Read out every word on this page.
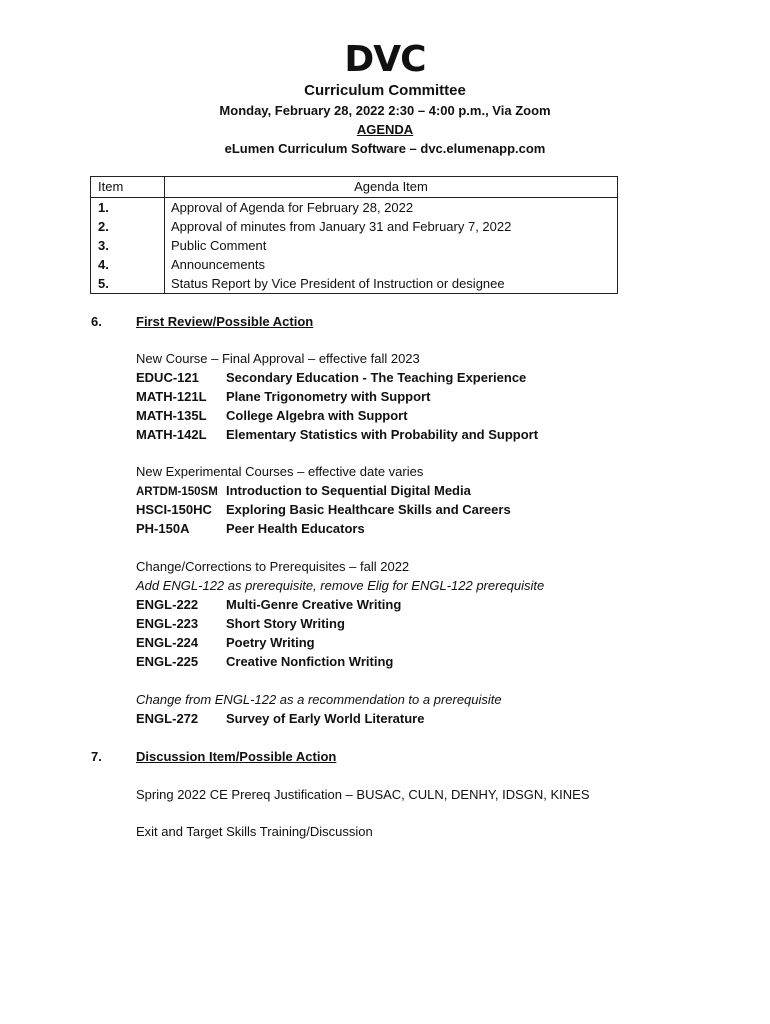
DVC
Curriculum Committee
Monday, February 28, 2022 2:30 – 4:00 p.m., Via Zoom
AGENDA
eLumen Curriculum Software – dvc.elumenapp.com
Item	Agenda Item
1.	Approval of Agenda for February 28, 2022
2.	Approval of minutes from January 31 and February 7, 2022
3.	Public Comment
4.	Announcements
5.	Status Report by Vice President of Instruction or designee
6.	First Review/Possible Action
New Course – Final Approval – effective fall 2023
EDUC-121 Secondary Education - The Teaching Experience
MATH-121L Plane Trigonometry with Support
MATH-135L College Algebra with Support
MATH-142L Elementary Statistics with Probability and Support
New Experimental Courses – effective date varies
ARTDM-150SM Introduction to Sequential Digital Media
HSCI-150HC Exploring Basic Healthcare Skills and Careers
PH-150A	Peer Health Educators
Change/Corrections to Prerequisites – fall 2022
Add ENGL-122 as prerequisite, remove Elig for ENGL-122 prerequisite
ENGL-222 Multi-Genre Creative Writing
ENGL-223 Short Story Writing
ENGL-224 Poetry Writing
ENGL-225 Creative Nonfiction Writing
Change from ENGL-122 as a recommendation to a prerequisite
ENGL-272 Survey of Early World Literature
7.	Discussion Item/Possible Action
Spring 2022 CE Prereq Justification – BUSAC, CULN, DENHY, IDSGN, KINES
Exit and Target Skills Training/Discussion
